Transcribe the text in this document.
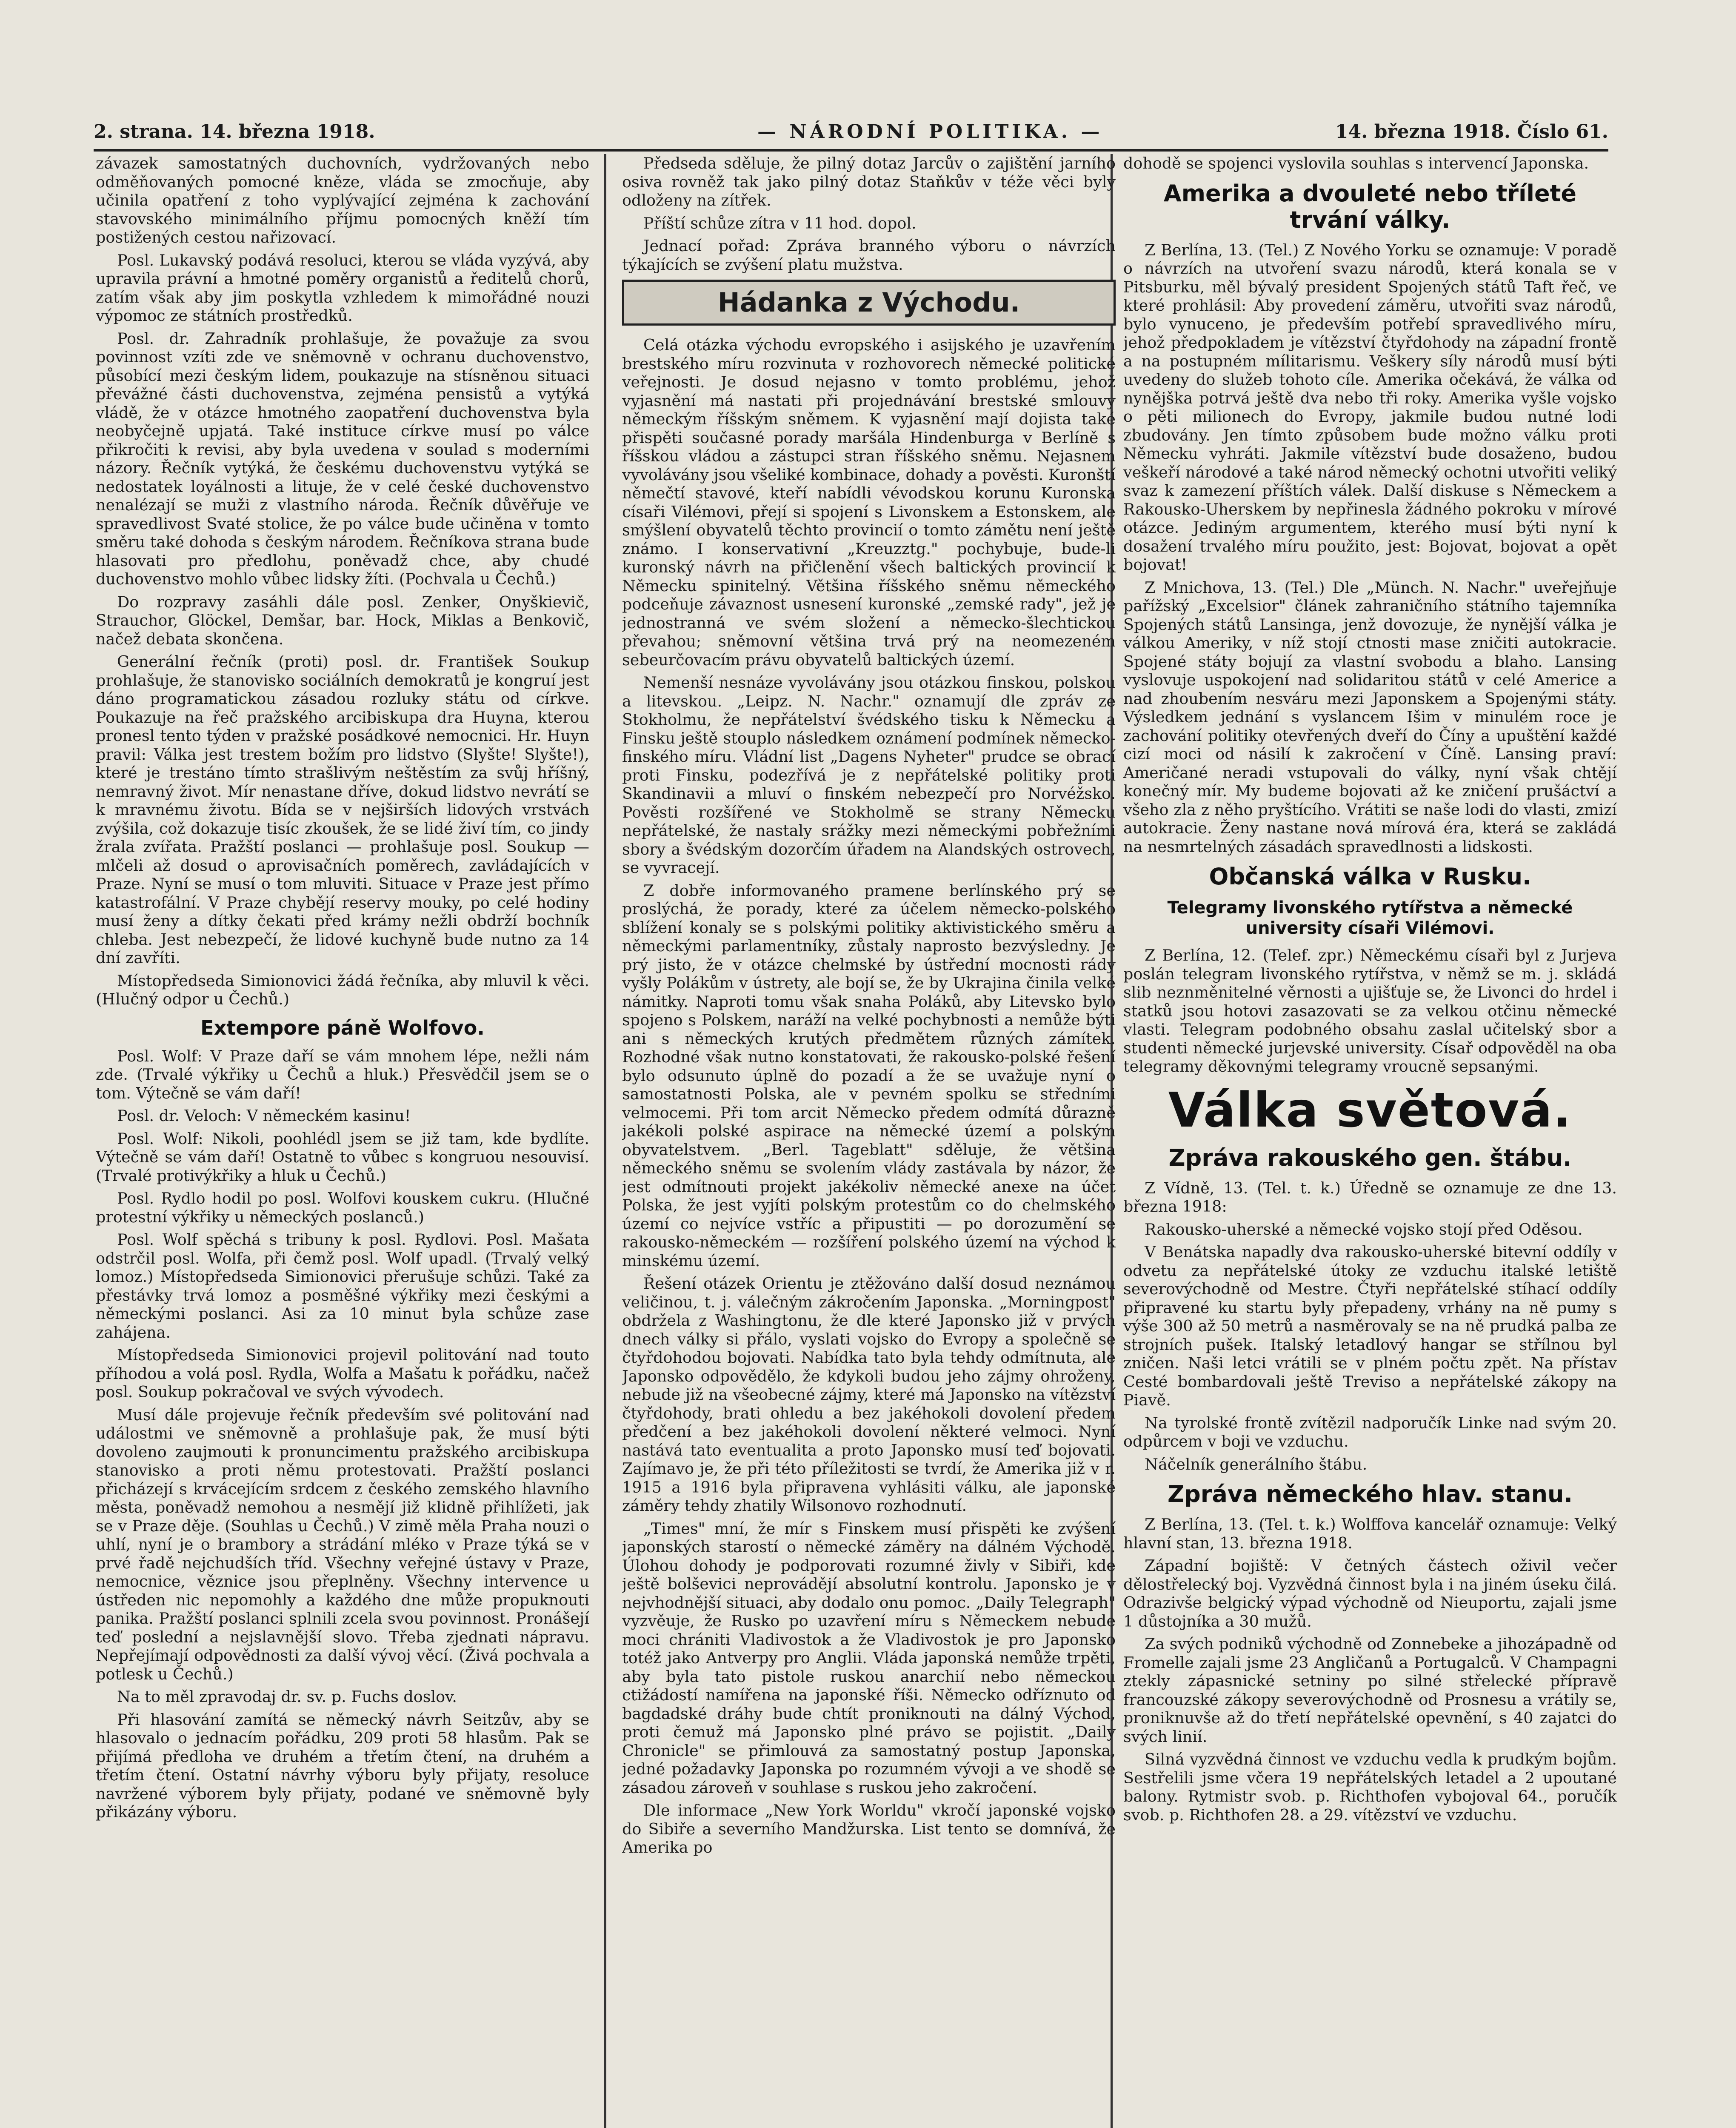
2. strana. 14. března 1918.	— NÁRODNÍ POLITIKA. —	14. března 1918. Číslo 61.

závazek samostatných duchovních, vydržovaných nebo odměňovaných pomocné kněze, vláda se zmocňuje, aby učinila opatření z toho vyplývající zejména k zachování stavovského minimálního příjmu pomocných kněží tím postižených cestou nařizovací.

Posl. Lukavský podává resoluci, kterou se vláda vyzývá, aby upravila právní a hmotné poměry organistů a ředitelů chorů, zatím však aby jim poskytla vzhledem k mimořádné nouzi výpomoc ze státních prostředků.

Posl. dr. Zahradník prohlašuje, že považuje za svou povinnost vzíti zde ve sněmovně v ochranu duchovenstvo, působící mezi českým lidem, poukazuje na stísněnou situaci převážné části duchovenstva, zejména pensistů a vytýká vládě, že v otázce hmotného zaopatření duchovenstva byla neobyčejně upjatá. Také instituce církve musí po válce přikročiti k revisi, aby byla uvedena v soulad s moderními názory. Řečník vytýká, že českému duchovenstvu vytýká se nedostatek loyálnosti a lituje, že v celé české duchovenstvo nenalézají se muži z vlastního národa. Řečník důvěřuje ve spravedlivost Svaté stolice, že po válce bude učiněna v tomto směru také dohoda s českým národem. Řečníkova strana bude hlasovati pro předlohu, poněvadž chce, aby chudé duchovenstvo mohlo vůbec lidsky žíti. (Pochvala u Čechů.)

Do rozpravy zasáhli dále posl. Zenker, Onyškievič, Strauchor, Glöckel, Demšar, bar. Hock, Miklas a Benkovič, načež debata skončena.

Generální řečník (proti) posl. dr. František Soukup prohlašuje, že stanovisko sociálních demokratů je kongruí jest dáno programatickou zásadou rozluky státu od církve. Poukazuje na řeč pražského arcibiskupa dra Huyna, kterou pronesl tento týden v pražské posádkové nemocnici. Hr. Huyn pravil: Válka jest trestem božím pro lidstvo (Slyšte! Slyšte!), které je trestáno tímto strašlivým neštěstím za svůj hříšný, nemravný život. Mír nenastane dříve, dokud lidstvo nevrátí se k mravnému životu. Bída se v nejširších lidových vrstvách zvýšila, což dokazuje tisíc zkoušek, že se lidé živí tím, co jindy žrala zvířata. Pražští poslanci — prohlašuje posl. Soukup — mlčeli až dosud o aprovisačních poměrech, zavládajících v Praze. Nyní se musí o tom mluviti. Situace v Praze jest přímo katastrofální. V Praze chybějí reservy mouky, po celé hodiny musí ženy a dítky čekati před krámy nežli obdrží bochník chleba. Jest nebezpečí, že lidové kuchyně bude nutno za 14 dní zavříti.

Místopředseda Simionovici žádá řečníka, aby mluvil k věci. (Hlučný odpor u Čechů.)

Extempore páně Wolfovo.

Posl. Wolf: V Praze daří se vám mnohem lépe, nežli nám zde. (Trvalé výkřiky u Čechů a hluk.) Přesvědčil jsem se o tom. Výtečně se vám daří!

Posl. dr. Veloch: V německém kasinu!

Posl. Wolf: Nikoli, poohlédl jsem se již tam, kde bydlíte. Výtečně se vám daří! Ostatně to vůbec s kongruou nesouvisí. (Trvalé protivýkřiky a hluk u Čechů.)

Posl. Rydlo hodil po posl. Wolfovi kouskem cukru. (Hlučné protestní výkřiky u německých poslanců.)

Posl. Wolf spěchá s tribuny k posl. Rydlovi. Posl. Mašata odstrčil posl. Wolfa, při čemž posl. Wolf upadl. (Trvalý velký lomoz.) Místopředseda Simionovici přerušuje schůzi. Také za přestávky trvá lomoz a posměšné výkřiky mezi českými a německými poslanci. Asi za 10 minut byla schůze zase zahájena.

Místopředseda Simionovici projevil politování nad touto příhodou a volá posl. Rydla, Wolfa a Mašatu k pořádku, načež posl. Soukup pokračoval ve svých vývodech.

Musí dále projevuje řečník především své politování nad událostmi ve sněmovně a prohlašuje pak, že musí býti dovoleno zaujmouti k pronuncimentu pražského arcibiskupa stanovisko a proti němu protestovati. Pražští poslanci přicházejí s krvácejícím srdcem z českého zemského hlavního města, poněvadž nemohou a nesmějí již klidně přihlížeti, jak se v Praze děje. (Souhlas u Čechů.) V zimě měla Praha nouzi o uhlí, nyní je o brambory a strádání mléko v Praze týká se v prvé řadě nejchudších tříd. Všechny veřejné ústavy v Praze, nemocnice, věznice jsou přeplněny. Všechny intervence u ústředen nic nepomohly a každého dne může propuknouti panika. Pražští poslanci splnili zcela svou povinnost. Pronášejí teď poslední a nejslavnější slovo. Třeba zjednati nápravu. Nepřejímají odpovědnosti za další vývoj věcí. (Živá pochvala a potlesk u Čechů.)

Na to měl zpravodaj dr. sv. p. Fuchs doslov.

Při hlasování zamítá se německý návrh Seitzův, aby se hlasovalo o jednacím pořádku, 209 proti 58 hlasům. Pak se přijímá předloha ve druhém a třetím čtení, na druhém a třetím čtení. Ostatní návrhy výboru byly přijaty, resoluce navržené výborem byly přijaty, podané ve sněmovně byly přikázány výboru.

Předseda sděluje, že pilný dotaz Jarcův o zajištění jarního osiva rovněž tak jako pilný dotaz Staňkův v téže věci byly odloženy na zítřek.

Příští schůze zítra v 11 hod. dopol.

Jednací pořad: Zpráva branného výboru o návrzích týkajících se zvýšení platu mužstva.

Hádanka z Východu.

Celá otázka východu evropského i asijského je uzavřením brestského míru rozvinuta v rozhovorech německé politické veřejnosti. Je dosud nejasno v tomto problému, jehož vyjasnění má nastati při projednávání brestské smlouvy německým říšským sněmem. K vyjasnění mají dojista také přispěti současné porady maršála Hindenburga v Berlíně s říšskou vládou a zástupci stran říšského sněmu. Nejasnem vyvolávány jsou všeliké kombinace, dohady a pověsti. Kuronští němečtí stavové, kteří nabídli vévodskou korunu Kuronska císaři Vilémovi, přejí si spojení s Livonskem a Estonskem, ale smýšlení obyvatelů těchto provincií o tomto zámětu není ještě známo. I konservativní „Kreuzztg." pochybuje, bude-li kuronský návrh na přičlenění všech baltických provincií k Německu spinitelný. Většina říšského sněmu německého podceňuje závaznost usnesení kuronské „zemské rady", jež je jednostranná ve svém složení a německo-šlechtickou převahou; sněmovní většina trvá prý na neomezeném sebeurčovacím právu obyvatelů baltických území.

Nemenší nesnáze vyvolávány jsou otázkou finskou, polskou a litevskou. „Leipz. N. Nachr." oznamují dle zpráv ze Stokholmu, že nepřátelství švédského tisku k Německu a Finsku ještě stouplo následkem oznámení podmínek německo-finského míru. Vládní list „Dagens Nyheter" prudce se obrací proti Finsku, podezřívá je z nepřátelské politiky proti Skandinavii a mluví o finském nebezpečí pro Norvéžsko. Pověsti rozšířené ve Stokholmě se strany Německu nepřátelské, že nastaly srážky mezi německými pobřežními sbory a švédským dozorčím úřadem na Alandských ostrovech, se vyvracejí.

Z dobře informovaného pramene berlínského prý se proslýchá, že porady, které za účelem německo-polského sblížení konaly se s polskými politiky aktivistického směru a německými parlamentníky, zůstaly naprosto bezvýsledny. Je prý jisto, že v otázce chelmské by ústřední mocnosti rády vyšly Polákům v ústrety, ale bojí se, že by Ukrajina činila velké námitky. Naproti tomu však snaha Poláků, aby Litevsko bylo spojeno s Polskem, naráží na velké pochybnosti a nemůže býti ani s německých krutých předmětem různých zámítek. Rozhodné však nutno konstatovati, že rakousko-polské řešení bylo odsunuto úplně do pozadí a že se uvažuje nyní o samostatnosti Polska, ale v pevném spolku se středními velmocemi. Při tom arcit Německo předem odmítá důrazně jakékoli polské aspirace na německé území a polským obyvatelstvem. „Berl. Tageblatt" sděluje, že většina německého sněmu se svolením vlády zastávala by názor, že jest odmítnouti projekt jakékoliv německé anexe na účet Polska, že jest vyjíti polským protestům co do chelmského území co nejvíce vstříc a připustiti — po dorozumění se rakousko-německém — rozšíření polského území na východ k minskému území.

Řešení otázek Orientu je ztěžováno další dosud neznámou veličinou, t. j. válečným zákročením Japonska. „Morningpost" obdržela z Washingtonu, že dle které Japonsko již v prvých dnech války si přálo, vyslati vojsko do Evropy a společně se čtyřdohodou bojovati. Nabídka tato byla tehdy odmítnuta, ale Japonsko odpovědělo, že kdykoli budou jeho zájmy ohroženy, nebude již na všeobecné zájmy, které má Japonsko na vítězství čtyřdohody, brati ohledu a bez jakéhokoli dovolení předem předčení a bez jakéhokoli dovolení některé velmoci. Nyní nastává tato eventualita a proto Japonsko musí teď bojovati. Zajímavo je, že při této příležitosti se tvrdí, že Amerika již v r. 1915 a 1916 byla připravena vyhlásiti válku, ale japonské záměry tehdy zhatily Wilsonovo rozhodnutí.

„Times" mní, že mír s Finskem musí přispěti ke zvýšení japonských starostí o německé záměry na dálném Východě. Úlohou dohody je podporovati rozumné živly v Sibiři, kde ještě bolševici neprovádějí absolutní kontrolu. Japonsko je v nejvhodnější situaci, aby dodalo onu pomoc. „Daily Telegraph" vyzvěuje, že Rusko po uzavření míru s Německem nebude moci chrániti Vladivostok a že Vladivostok je pro Japonsko totéž jako Antverpy pro Anglii. Vláda japonská nemůže trpěti, aby byla tato pistole ruskou anarchií nebo německou ctižádostí namířena na japonské říši. Německo odříznuto od bagdadské dráhy bude chtít proniknouti na dálný Východ, proti čemuž má Japonsko plné právo se pojistit. „Daily Chronicle" se přimlouvá za samostatný postup Japonska, jedné požadavky Japonska po rozumném vývoji a ve shodě se zásadou zároveň v souhlase s ruskou jeho zakročení.

Dle informace „New York Worldu" vkročí japonské vojsko do Sibiře a severního Mandžurska. List tento se domnívá, že Amerika po

dohodě se spojenci vyslovila souhlas s intervencí Japonska.

Amerika a dvouleté nebo tříleté trvání války.

Z Berlína, 13. (Tel.) Z Nového Yorku se oznamuje: V poradě o návrzích na utvoření svazu národů, která konala se v Pitsburku, měl bývalý president Spojených států Taft řeč, ve které prohlásil: Aby provedení záměru, utvořiti svaz národů, bylo vynuceno, je především potřebí spravedlivého míru, jehož předpokladem je vítězství čtyřdohody na západní frontě a na postupném mílitarismu. Veškery síly národů musí býti uvedeny do služeb tohoto cíle. Amerika očekává, že válka od nynějška potrvá ještě dva nebo tři roky. Amerika vyšle vojsko o pěti milionech do Evropy, jakmile budou nutné lodi zbudovány. Jen tímto způsobem bude možno válku proti Německu vyhráti. Jakmile vítězství bude dosaženo, budou veškeří národové a také národ německý ochotni utvořiti veliký svaz k zamezení příštích válek. Další diskuse s Německem a Rakousko-Uherskem by nepřinesla žádného pokroku v mírové otázce. Jediným argumentem, kterého musí býti nyní k dosažení trvalého míru použito, jest: Bojovat, bojovat a opět bojovat!

Z Mnichova, 13. (Tel.) Dle „Münch. N. Nachr." uveřejňuje pařížský „Excelsior" článek zahraničního státního tajemníka Spojených států Lansinga, jenž dovozuje, že nynější válka je válkou Ameriky, v níž stojí ctnosti mase zničiti autokracie. Spojené státy bojují za vlastní svobodu a blaho. Lansing vyslovuje uspokojení nad solidaritou států v celé Americe a nad zhoubením nesváru mezi Japonskem a Spojenými státy. Výsledkem jednání s vyslancem Išim v minulém roce je zachování politiky otevřených dveří do Číny a upuštění každé cizí moci od násilí k zakročení v Číně. Lansing praví: Američané neradi vstupovali do války, nyní však chtějí konečný mír. My budeme bojovati až ke zničení prušáctví a všeho zla z něho pryštícího. Vrátiti se naše lodi do vlasti, zmizí autokracie. Ženy nastane nová mírová éra, která se zakládá na nesmrtelných zásadách spravedlnosti a lidskosti.

Občanská válka v Rusku.
Telegramy livonského rytířstva a německé university císaři Vilémovi.

Z Berlína, 12. (Telef. zpr.) Německému císaři byl z Jurjeva poslán telegram livonského rytířstva, v němž se m. j. skládá slib neznměnitelné věrnosti a ujišťuje se, že Livonci do hrdel i statků jsou hotovi zasazovati se za velkou otčinu německé vlasti. Telegram podobného obsahu zaslal učitelský sbor a studenti německé jurjevské university. Císař odpověděl na oba telegramy děkovnými telegramy vroucně sepsanými.

Válka světová.
Zpráva rakouského gen. štábu.

Z Vídně, 13. (Tel. t. k.) Úředně se oznamuje ze dne 13. března 1918:

Rakousko-uherské a německé vojsko stojí před Oděsou.

V Benátska napadly dva rakousko-uherské bitevní oddíly v odvetu za nepřátelské útoky ze vzduchu italské letiště severovýchodně od Mestre. Čtyři nepřátelské stíhací oddíly připravené ku startu byly přepadeny, vrhány na ně pumy s výše 300 až 50 metrů a nasměrovaly se na ně prudká palba ze strojních pušek. Italský letadlový hangar se střílnou byl zničen. Naši letci vrátili se v plném počtu zpět. Na přístav Cesté bombardovali ještě Treviso a nepřátelské zákopy na Piavě.

Na tyrolské frontě zvítězil nadporučík Linke nad svým 20. odpůrcem v boji ve vzduchu.

Náčelník generálního štábu.

Zpráva německého hlav. stanu.

Z Berlína, 13. (Tel. t. k.) Wolffova kancelář oznamuje: Velký hlavní stan, 13. března 1918.

Západní bojiště: V četných částech oživil večer dělostřelecký boj. Vyzvědná činnost byla i na jiném úseku čilá. Odrazivše belgický výpad východně od Nieuportu, zajali jsme 1 důstojníka a 30 mužů.

Za svých podniků východně od Zonnebeke a jihozápadně od Fromelle zajali jsme 23 Angličanů a Portugalců. V Champagni ztekly zápasnické setniny po silné střelecké přípravě francouzské zákopy severovýchodně od Prosnesu a vrátily se, proniknuvše až do třetí nepřátelské opevnění, s 40 zajatci do svých linií.

Silná vyzvědná činnost ve vzduchu vedla k prudkým bojům. Sestřelili jsme včera 19 nepřátelských letadel a 2 upoutané balony. Rytmistr svob. p. Richthofen vybojoval 64., poručík svob. p. Richthofen 28. a 29. vítězství ve vzduchu.
